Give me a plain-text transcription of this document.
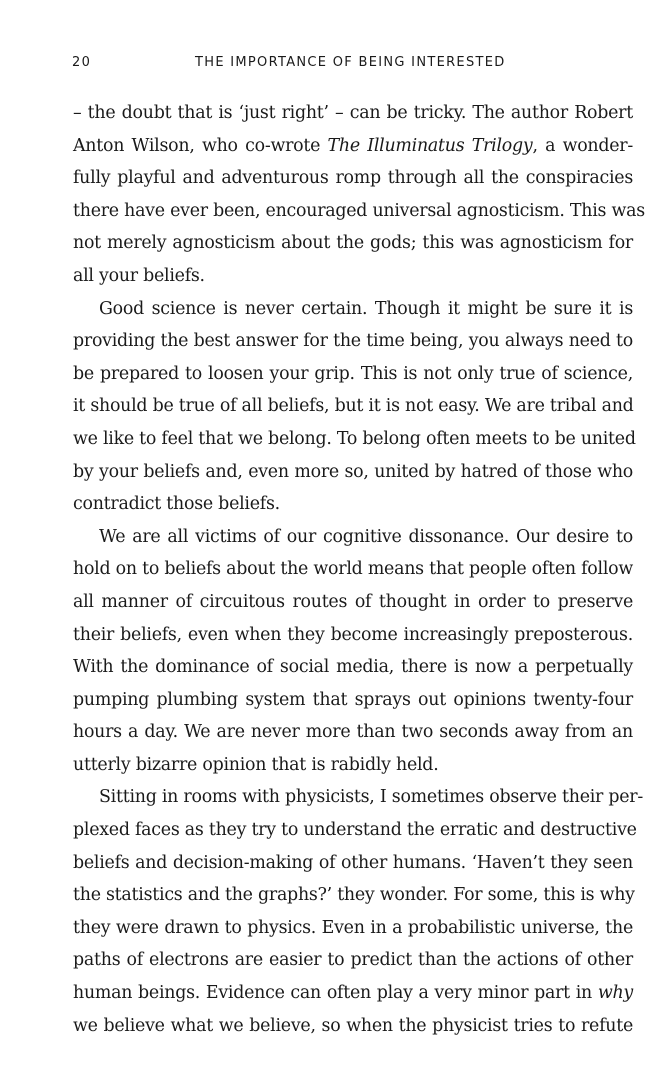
20	THE IMPORTANCE OF BEING INTERESTED
– the doubt that is ‘just right’ – can be tricky. The author Robert
Anton Wilson, who co-wrote The Illuminatus Trilogy, a wonder-
fully playful and adventurous romp through all the conspiracies
there have ever been, encouraged universal agnosticism. This was
not merely agnosticism about the gods; this was agnosticism for
all your beliefs.
Good science is never certain. Though it might be sure it is
providing the best answer for the time being, you always need to
be prepared to loosen your grip. This is not only true of science,
it should be true of all beliefs, but it is not easy. We are tribal and
we like to feel that we belong. To belong often meets to be united
by your beliefs and, even more so, united by hatred of those who
contradict those beliefs.
We are all victims of our cognitive dissonance. Our desire to
hold on to beliefs about the world means that people often follow
all manner of circuitous routes of thought in order to preserve
their beliefs, even when they become increasingly preposterous.
With the dominance of social media, there is now a perpetually
pumping plumbing system that sprays out opinions twenty-four
hours a day. We are never more than two seconds away from an
utterly bizarre opinion that is rabidly held.
Sitting in rooms with physicists, I sometimes observe their per-
plexed faces as they try to understand the erratic and destructive
beliefs and decision-making of other humans. ‘Haven’t they seen
the statistics and the graphs?’ they wonder. For some, this is why
they were drawn to physics. Even in a probabilistic universe, the
paths of electrons are easier to predict than the actions of other
human beings. Evidence can often play a very minor part in why
we believe what we believe, so when the physicist tries to refute
